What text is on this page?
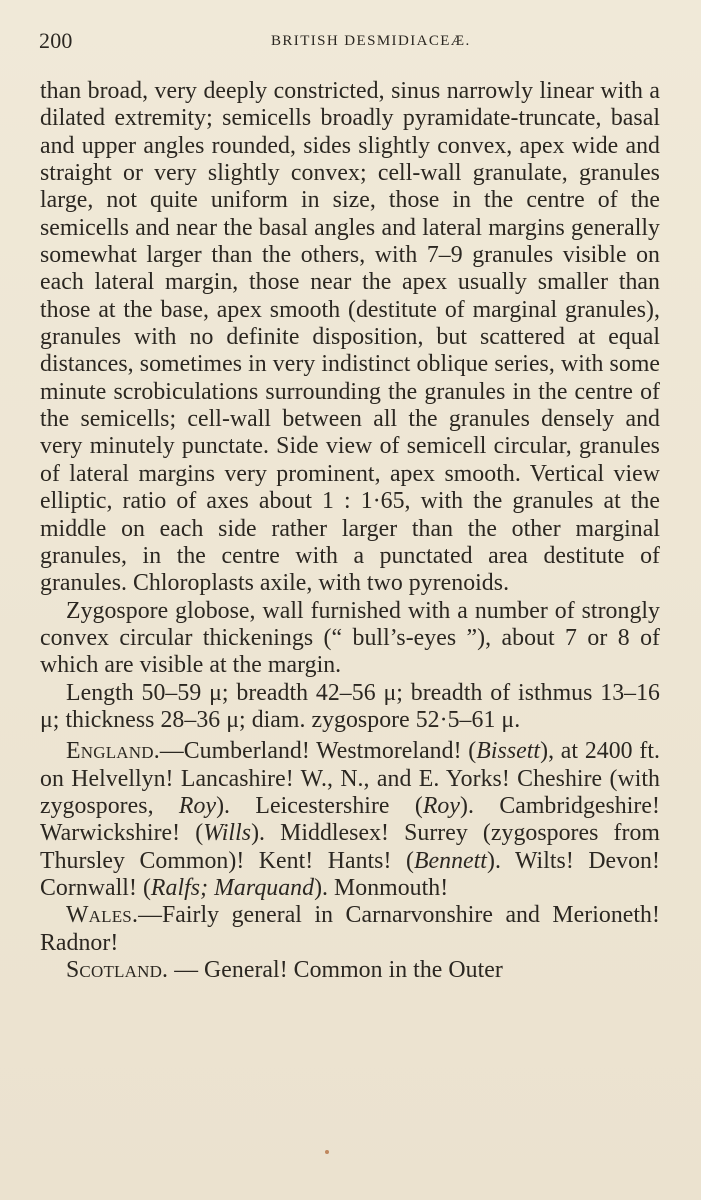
200	BRITISH DESMIDIACEÆ.

than broad, very deeply constricted, sinus narrowly linear with a dilated extremity; semicells broadly pyramidate-truncate, basal and upper angles rounded, sides slightly convex, apex wide and straight or very slightly convex; cell-wall granulate, granules large, not quite uniform in size, those in the centre of the semicells and near the basal angles and lateral margins generally somewhat larger than the others, with 7–9 granules visible on each lateral margin, those near the apex usually smaller than those at the base, apex smooth (destitute of marginal granules), granules with no definite disposition, but scattered at equal distances, sometimes in very indistinct oblique series, with some minute scrobiculations surrounding the granules in the centre of the semicells; cell-wall between all the granules densely and very minutely punctate. Side view of semicell circular, granules of lateral margins very prominent, apex smooth. Vertical view elliptic, ratio of axes about 1 : 1·65, with the granules at the middle on each side rather larger than the other marginal granules, in the centre with a punctated area destitute of granules. Chloroplasts axile, with two pyrenoids.

Zygospore globose, wall furnished with a number of strongly convex circular thickenings (“ bull’s-eyes ”), about 7 or 8 of which are visible at the margin.

Length 50–59 μ; breadth 42–56 μ; breadth of isthmus 13–16 μ; thickness 28–36 μ; diam. zygospore 52·5–61 μ.

England.—Cumberland! Westmoreland! (Bissett), at 2400 ft. on Helvellyn! Lancashire! W., N., and E. Yorks! Cheshire (with zygospores, Roy). Leicestershire (Roy). Cambridgeshire! Warwickshire! (Wills). Middlesex! Surrey (zygospores from Thursley Common)! Kent! Hants! (Bennett). Wilts! Devon! Cornwall! (Ralfs; Marquand). Monmouth!

Wales.—Fairly general in Carnarvonshire and Merioneth! Radnor!

Scotland. — General! Common in the Outer
